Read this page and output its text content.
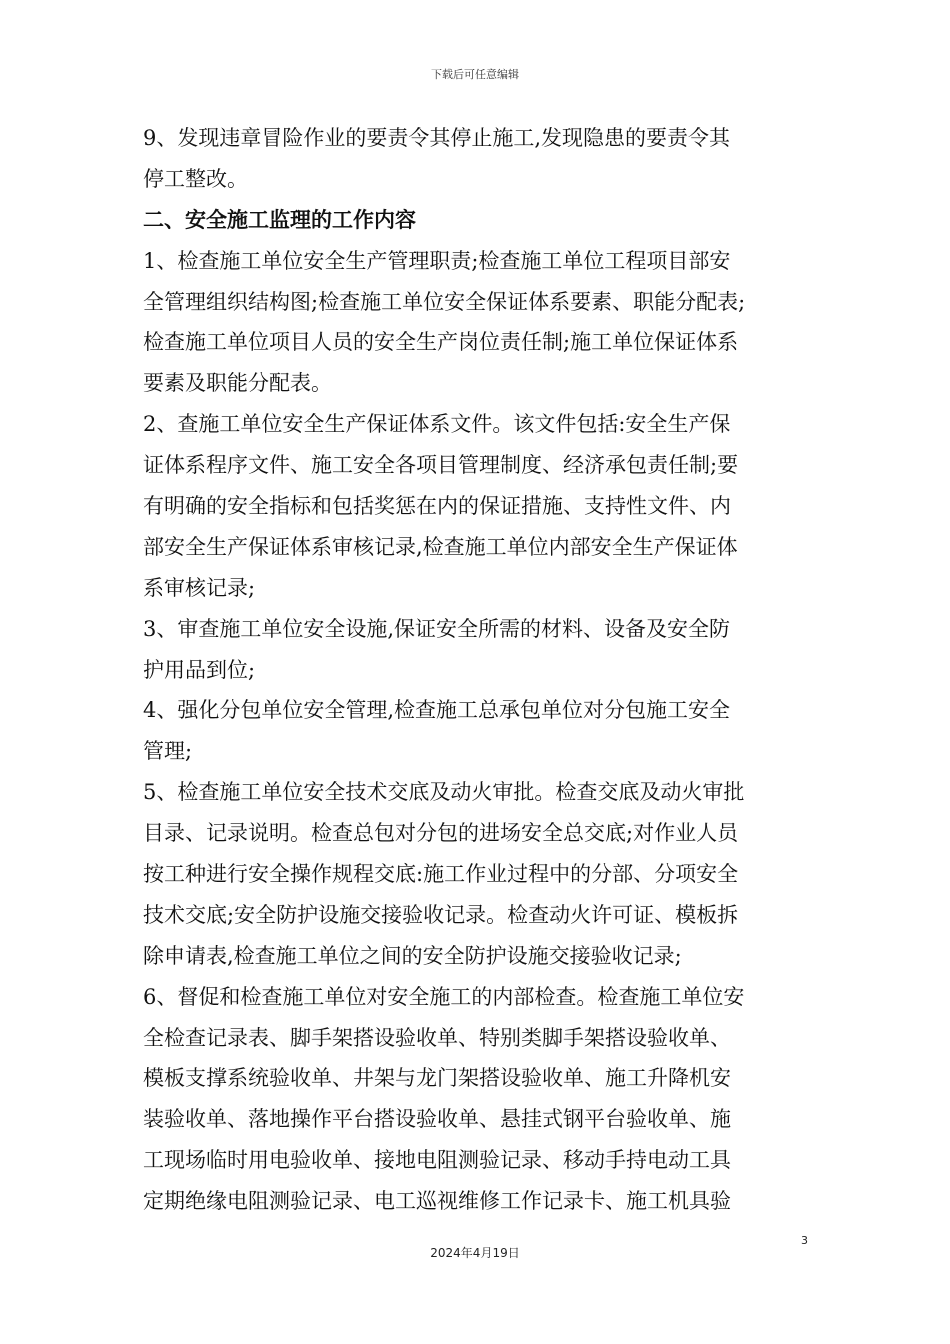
下载后可任意编辑
9、发现违章冒险作业的要责令其停止施工,发现隐患的要责令其
停工整改。
二、安全施工监理的工作内容
1、检查施工单位安全生产管理职责;检查施工单位工程项目部安
全管理组织结构图;检查施工单位安全保证体系要素、职能分配表;
检查施工单位项目人员的安全生产岗位责任制;施工单位保证体系
要素及职能分配表。
2、查施工单位安全生产保证体系文件。该文件包括:安全生产保
证体系程序文件、施工安全各项目管理制度、经济承包责任制;要
有明确的安全指标和包括奖惩在内的保证措施、支持性文件、内
部安全生产保证体系审核记录,检查施工单位内部安全生产保证体
系审核记录;
3、审查施工单位安全设施,保证安全所需的材料、设备及安全防
护用品到位;
4、强化分包单位安全管理,检查施工总承包单位对分包施工安全
管理;
5、检查施工单位安全技术交底及动火审批。检查交底及动火审批
目录、记录说明。检查总包对分包的进场安全总交底;对作业人员
按工种进行安全操作规程交底:施工作业过程中的分部、分项安全
技术交底;安全防护设施交接验收记录。检查动火许可证、模板拆
除申请表,检查施工单位之间的安全防护设施交接验收记录;
6、督促和检查施工单位对安全施工的内部检查。检查施工单位安
全检查记录表、脚手架搭设验收单、特别类脚手架搭设验收单、
模板支撑系统验收单、井架与龙门架搭设验收单、施工升降机安
装验收单、落地操作平台搭设验收单、悬挂式钢平台验收单、施
工现场临时用电验收单、接地电阻测验记录、移动手持电动工具
定期绝缘电阻测验记录、电工巡视维修工作记录卡、施工机具验
3
2024年4月19日
